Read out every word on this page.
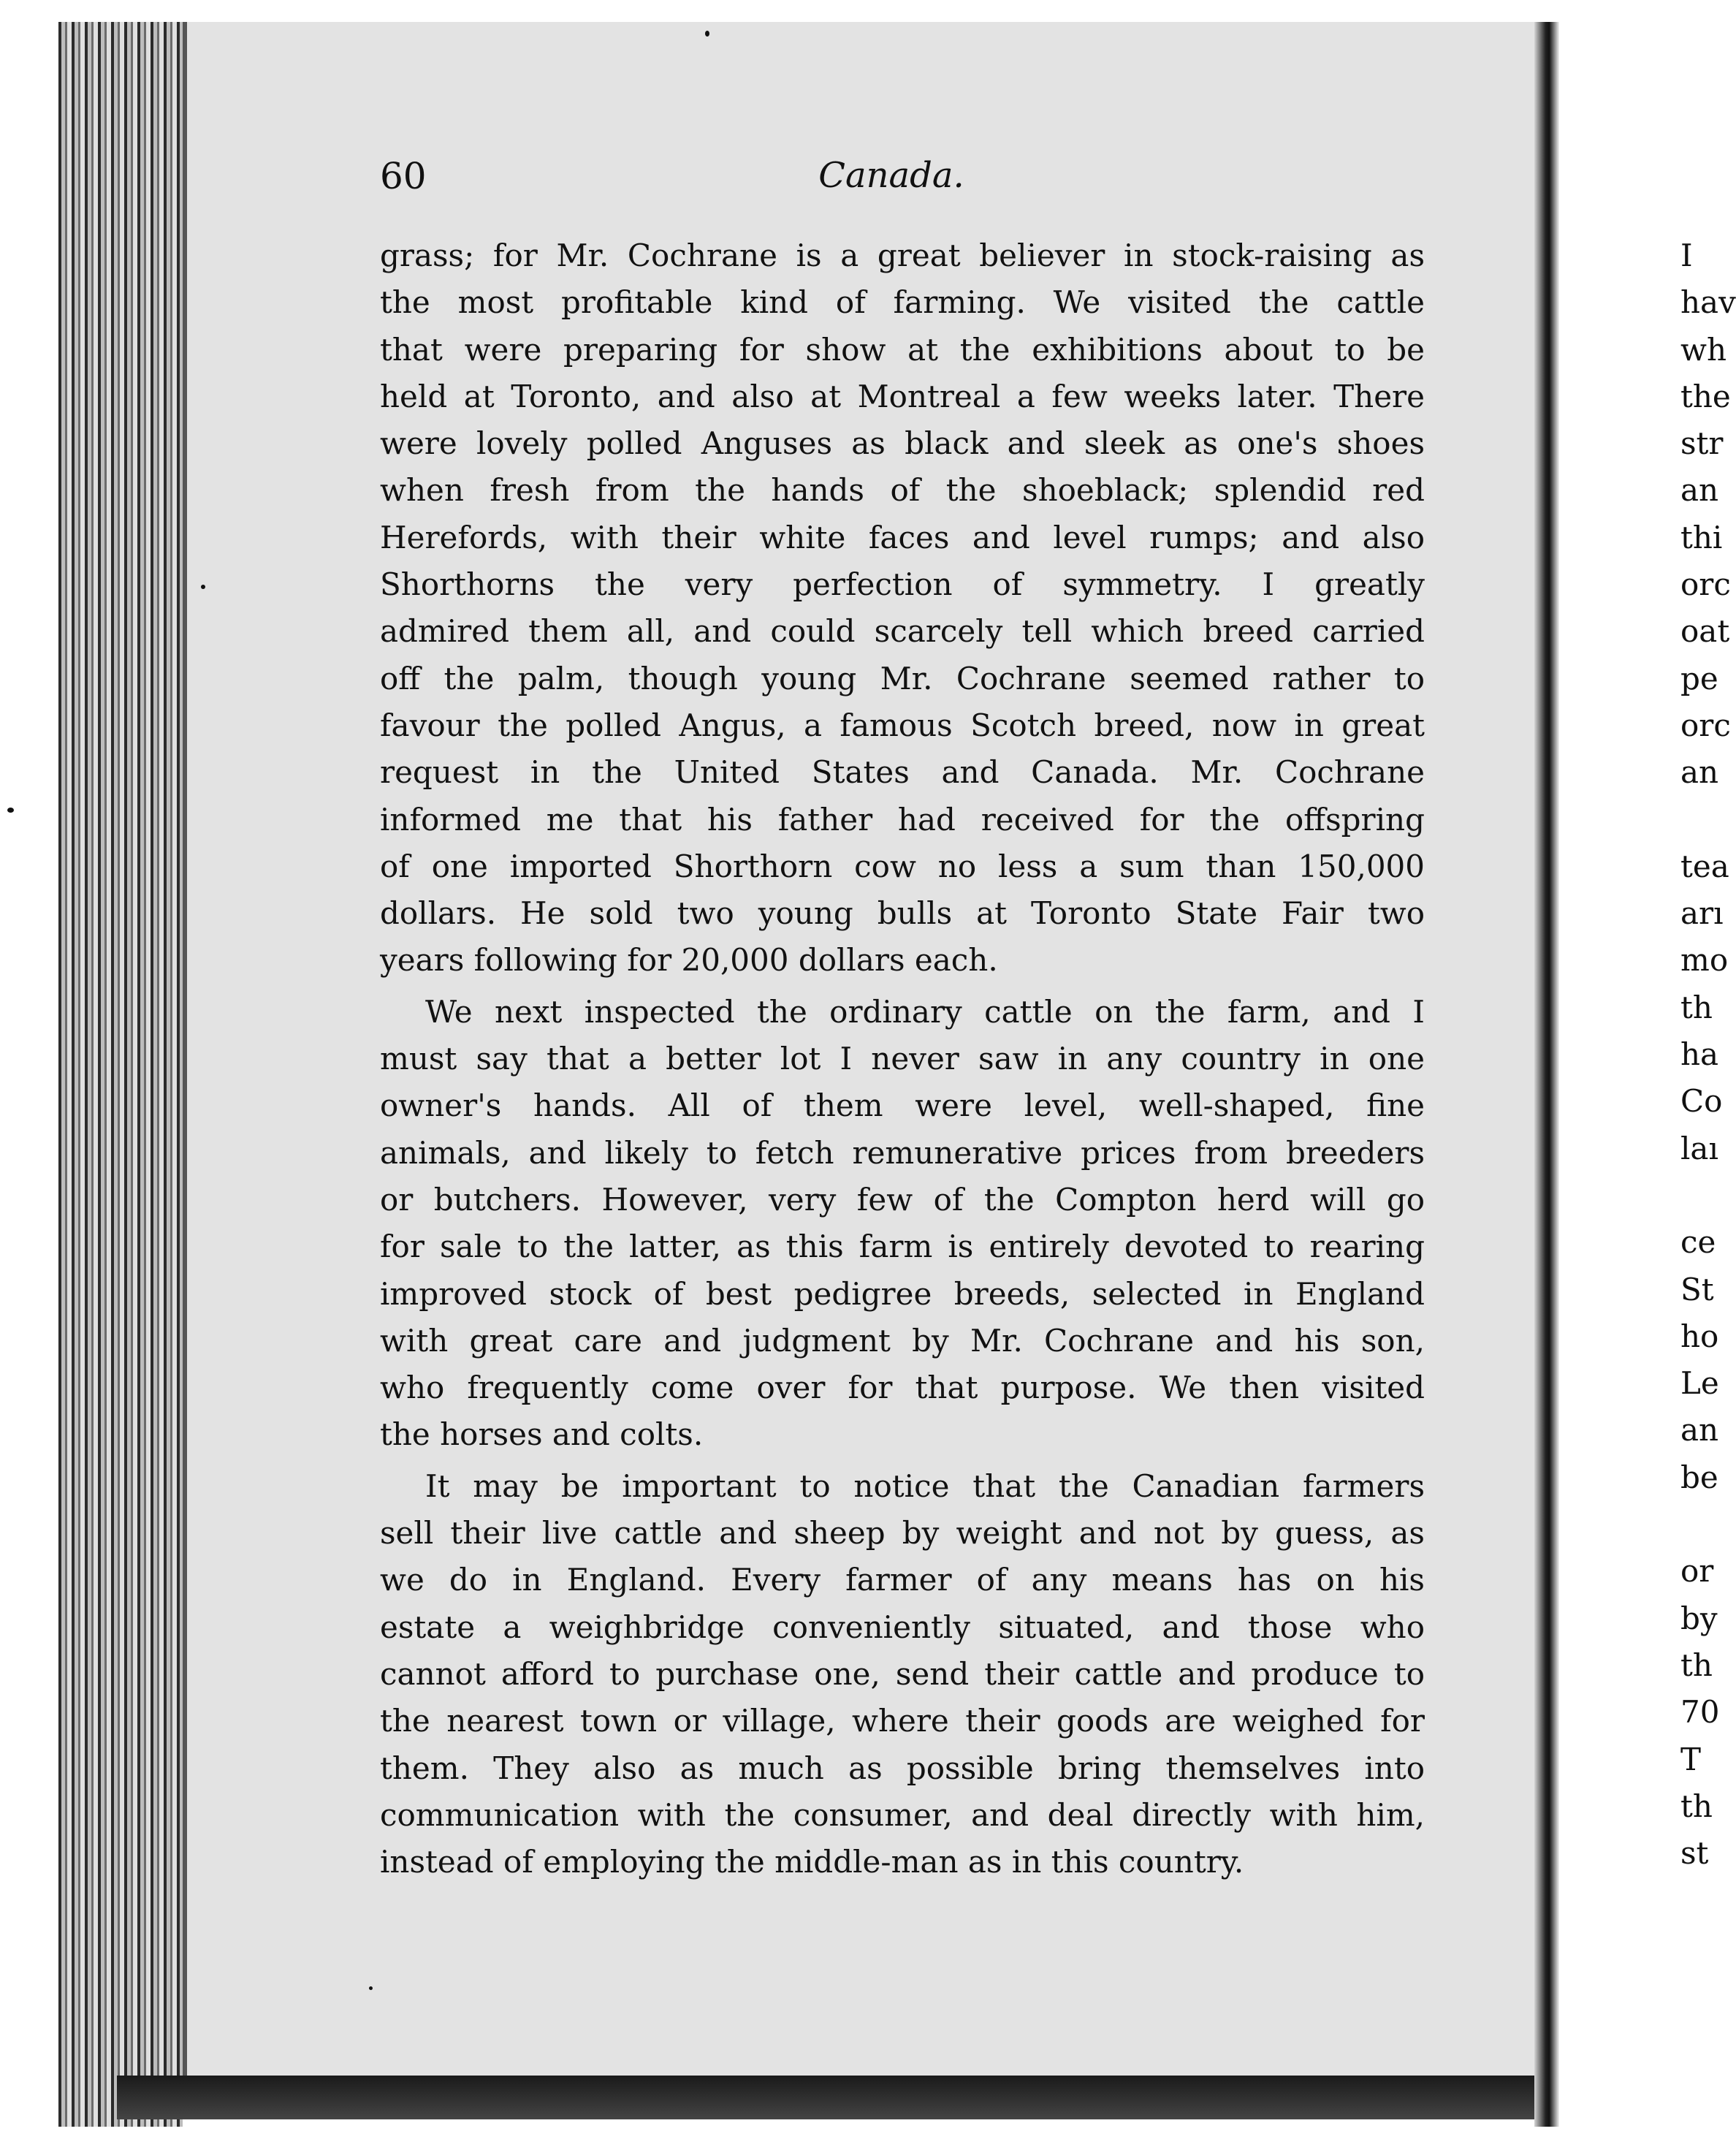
60	Canada.
grass; for Mr. Cochrane is a great believer in stock-raising as
the most profitable kind of farming. We visited the cattle
that were preparing for show at the exhibitions about to be
held at Toronto, and also at Montreal a few weeks later. There
were lovely polled Anguses as black and sleek as one's shoes
when fresh from the hands of the shoeblack; splendid red
Herefords, with their white faces and level rumps; and also
Shorthorns the very perfection of symmetry. I greatly
admired them all, and could scarcely tell which breed carried
off the palm, though young Mr. Cochrane seemed rather to
favour the polled Angus, a famous Scotch breed, now in great
request in the United States and Canada. Mr. Cochrane
informed me that his father had received for the offspring
of one imported Shorthorn cow no less a sum than 150,000
dollars. He sold two young bulls at Toronto State Fair two
years following for 20,000 dollars each.
We next inspected the ordinary cattle on the farm, and I
must say that a better lot I never saw in any country in one
owner's hands. All of them were level, well-shaped, fine
animals, and likely to fetch remunerative prices from breeders
or butchers. However, very few of the Compton herd will go
for sale to the latter, as this farm is entirely devoted to rearing
improved stock of best pedigree breeds, selected in England
with great care and judgment by Mr. Cochrane and his son,
who frequently come over for that purpose. We then visited
the horses and colts.
It may be important to notice that the Canadian farmers
sell their live cattle and sheep by weight and not by guess, as
we do in England. Every farmer of any means has on his
estate a weighbridge conveniently situated, and those who
cannot afford to purchase one, send their cattle and produce to
the nearest town or village, where their goods are weighed for
them. They also as much as possible bring themselves into
communication with the consumer, and deal directly with him,
instead of employing the middle-man as in this country.
I
hav
wh
the
str
an
thi
orc
oat
pe
orc
an
tea
arı
mo
th
ha
Co
laı
ce
St
ho
Le
an
be
or
by
th
70
T
th
st
